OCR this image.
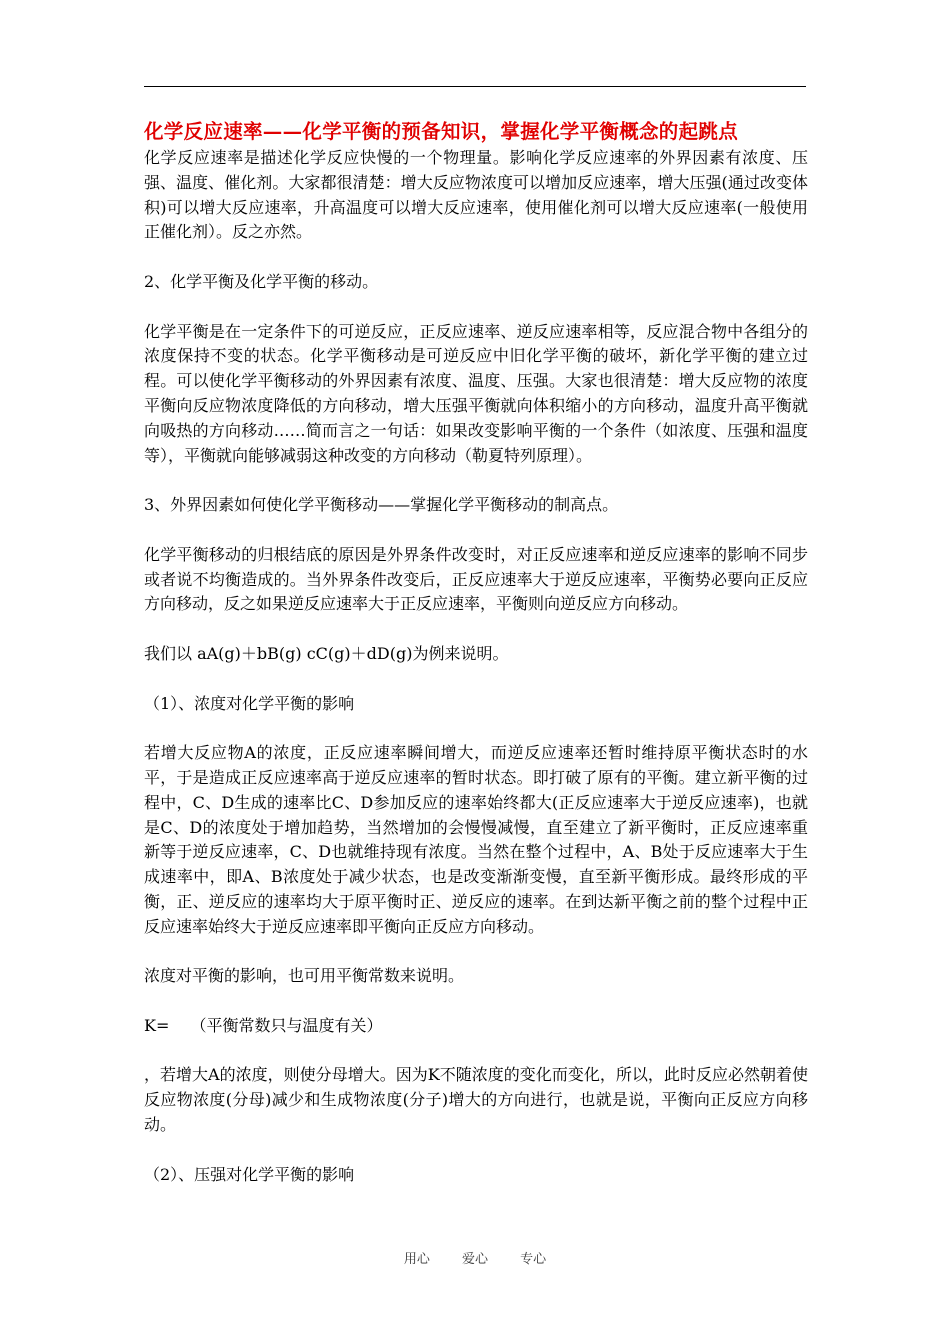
化学反应速率——化学平衡的预备知识，掌握化学平衡概念的起跳点

化学反应速率是描述化学反应快慢的一个物理量。影响化学反应速率的外界因素有浓度、压强、温度、催化剂。大家都很清楚：增大反应物浓度可以增加反应速率，增大压强(通过改变体积)可以增大反应速率，升高温度可以增大反应速率，使用催化剂可以增大反应速率(一般使用正催化剂）。反之亦然。

2、化学平衡及化学平衡的移动。

化学平衡是在一定条件下的可逆反应，正反应速率、逆反应速率相等，反应混合物中各组分的浓度保持不变的状态。化学平衡移动是可逆反应中旧化学平衡的破坏，新化学平衡的建立过程。可以使化学平衡移动的外界因素有浓度、温度、压强。大家也很清楚：增大反应物的浓度平衡向反应物浓度降低的方向移动，增大压强平衡就向体积缩小的方向移动，温度升高平衡就向吸热的方向移动……简而言之一句话：如果改变影响平衡的一个条件（如浓度、压强和温度等），平衡就向能够减弱这种改变的方向移动（勒夏特列原理）。

3、外界因素如何使化学平衡移动——掌握化学平衡移动的制高点。

化学平衡移动的归根结底的原因是外界条件改变时，对正反应速率和逆反应速率的影响不同步或者说不均衡造成的。当外界条件改变后，正反应速率大于逆反应速率，平衡势必要向正反应方向移动，反之如果逆反应速率大于正反应速率，平衡则向逆反应方向移动。

我们以 aA(g)＋bB(g) cC(g)＋dD(g)为例来说明。

（1）、浓度对化学平衡的影响

若增大反应物A的浓度，正反应速率瞬间增大，而逆反应速率还暂时维持原平衡状态时的水平，于是造成正反应速率高于逆反应速率的暂时状态。即打破了原有的平衡。建立新平衡的过程中，C、D生成的速率比C、D参加反应的速率始终都大(正反应速率大于逆反应速率)，也就是C、D的浓度处于增加趋势，当然增加的会慢慢减慢，直至建立了新平衡时，正反应速率重新等于逆反应速率，C、D也就维持现有浓度。当然在整个过程中，A、B处于反应速率大于生成速率中，即A、B浓度处于减少状态，也是改变渐渐变慢，直至新平衡形成。最终形成的平衡，正、逆反应的速率均大于原平衡时正、逆反应的速率。在到达新平衡之前的整个过程中正反应速率始终大于逆反应速率即平衡向正反应方向移动。

浓度对平衡的影响，也可用平衡常数来说明。

K=　 （平衡常数只与温度有关）

，若增大A的浓度，则使分母增大。因为K不随浓度的变化而变化，所以，此时反应必然朝着使反应物浓度(分母)减少和生成物浓度(分子)增大的方向进行，也就是说，平衡向正反应方向移动。

（2）、压强对化学平衡的影响

用心 爱心 专心
